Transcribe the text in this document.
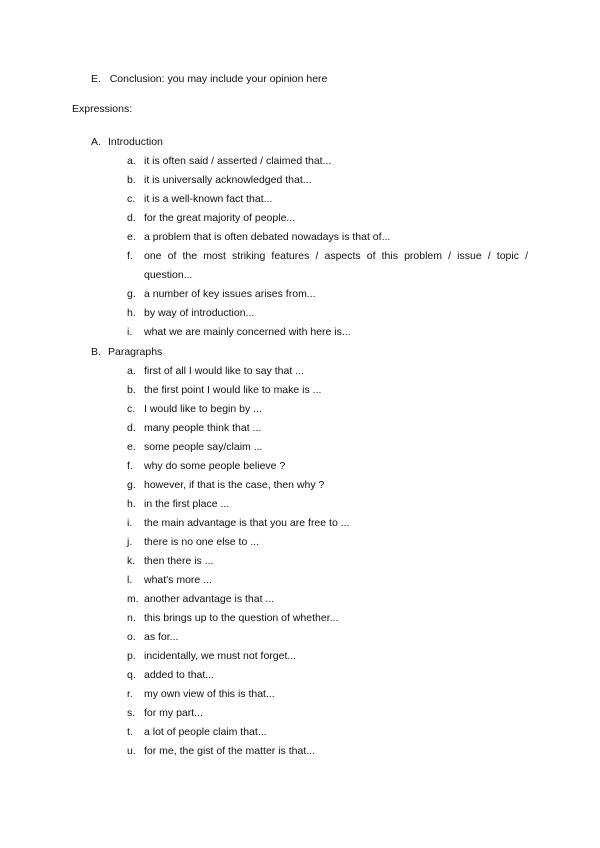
E. Conclusion: you may include your opinion here
Expressions:
A. Introduction
a. it is often said / asserted / claimed that...
b. it is universally acknowledged that...
c. it is a well-known fact that...
d. for the great majority of people...
e. a problem that is often debated nowadays is that of...
f. one of the most striking features / aspects of this problem / issue / topic / question...
g. a number of key issues arises from...
h. by way of introduction...
i. what we are mainly concerned with here is...
B. Paragraphs
a. first of all I would like to say that ...
b. the first point I would like to make is ...
c. I would like to begin by ...
d. many people think that ...
e. some people say/claim ...
f. why do some people believe ?
g. however, if that is the case, then why ?
h. in the first place ...
i. the main advantage is that you are free to ...
j. there is no one else to ...
k. then there is ...
l. what's more ...
m. another advantage is that ...
n. this brings up to the question of whether...
o. as for...
p. incidentally, we must not forget...
q. added to that...
r. my own view of this is that...
s. for my part...
t. a lot of people claim that...
u. for me, the gist of the matter is that...
